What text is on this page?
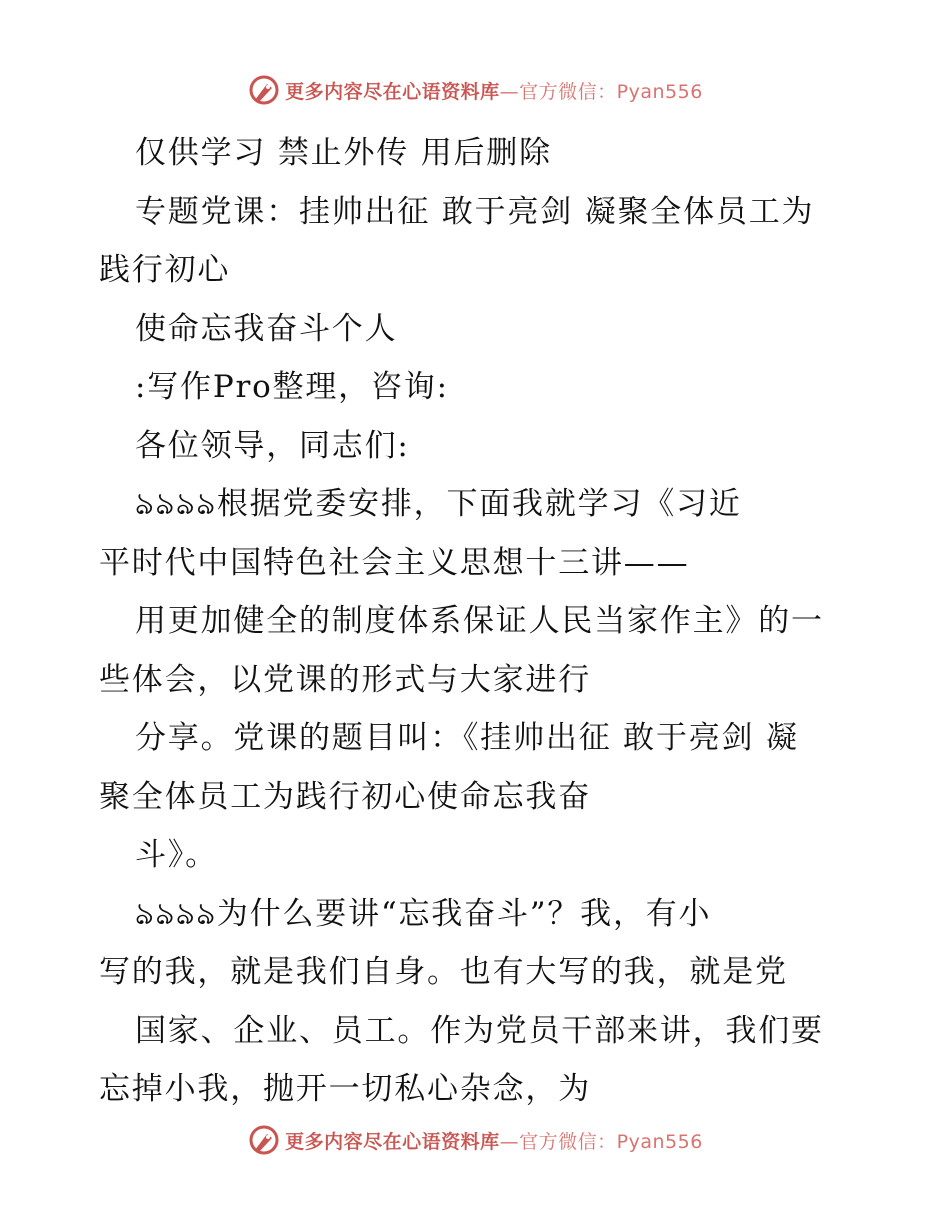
更多内容尽在心语资料库—官方微信：Pyan556
仅供学习 禁止外传 用后删除
专题党课：挂帅出征 敢于亮剑 凝聚全体员工为
践行初心
使命忘我奋斗个人
:写作Pro整理，咨询:
各位领导，同志们:
ঌঌঌঌ根据党委安排，下面我就学习《习近
平时代中国特色社会主义思想十三讲——
用更加健全的制度体系保证人民当家作主》的一
些体会，以党课的形式与大家进行
分享。党课的题目叫：《挂帅出征 敢于亮剑 凝
聚全体员工为践行初心使命忘我奋
斗》。
ঌঌঌঌ为什么要讲“忘我奋斗”？我，有小
写的我，就是我们自身。也有大写的我，就是党
国家、企业、员工。作为党员干部来讲，我们要
忘掉小我，抛开一切私心杂念，为
更多内容尽在心语资料库—官方微信：Pyan556
